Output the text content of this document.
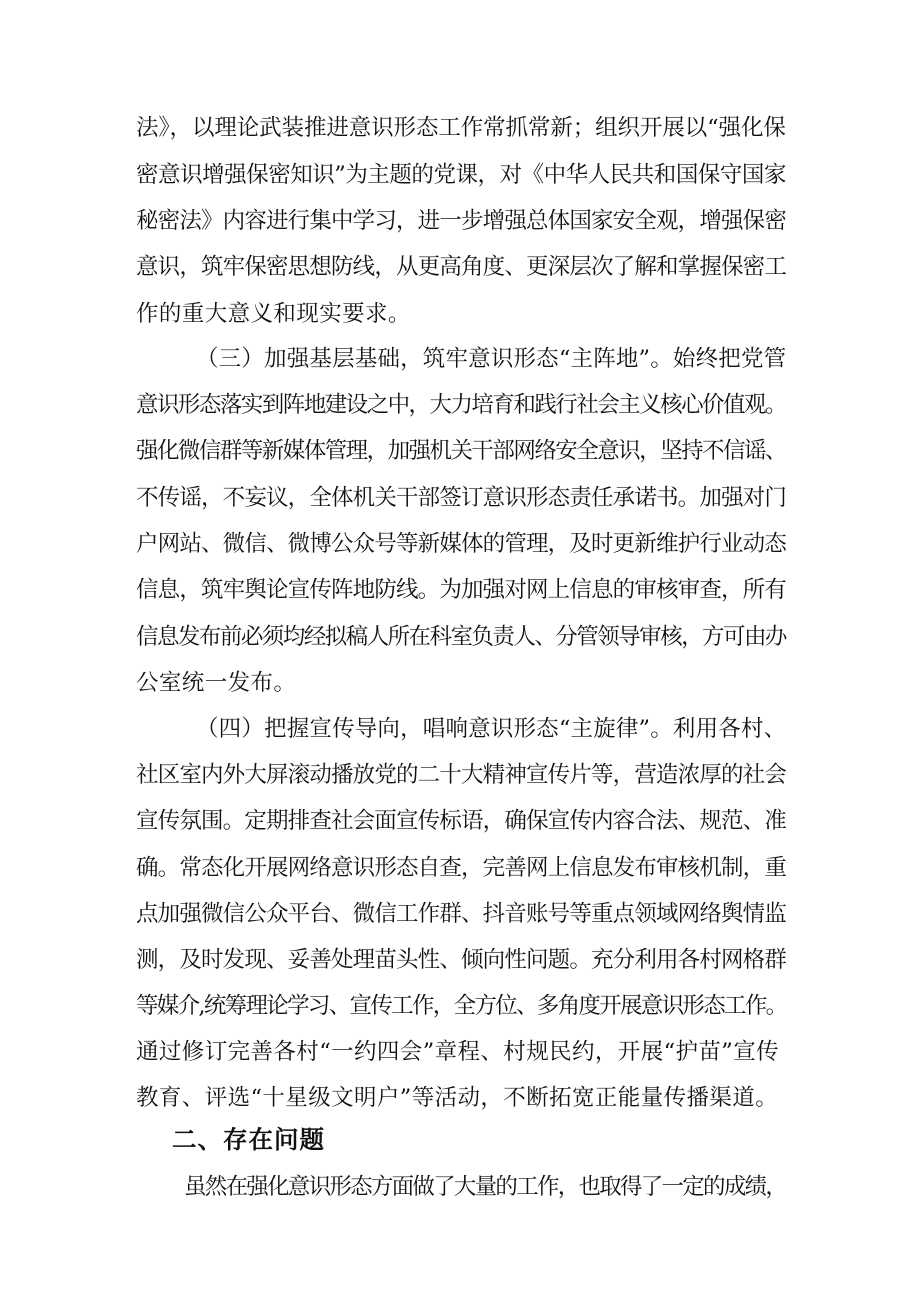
法》，以理论武装推进意识形态工作常抓常新；组织开展以“强化保
密意识增强保密知识”为主题的党课，对《中华人民共和国保守国家
秘密法》内容进行集中学习，进一步增强总体国家安全观，增强保密
意识，筑牢保密思想防线，从更高角度、更深层次了解和掌握保密工
作的重大意义和现实要求。
（三）加强基层基础，筑牢意识形态“主阵地”。始终把党管
意识形态落实到阵地建设之中，大力培育和践行社会主义核心价值观。
强化微信群等新媒体管理，加强机关干部网络安全意识，坚持不信谣、
不传谣，不妄议，全体机关干部签订意识形态责任承诺书。加强对门
户网站、微信、微博公众号等新媒体的管理，及时更新维护行业动态
信息，筑牢舆论宣传阵地防线。为加强对网上信息的审核审查，所有
信息发布前必须均经拟稿人所在科室负责人、分管领导审核，方可由办
公室统一发布。
（四）把握宣传导向，唱响意识形态“主旋律”。利用各村、
社区室内外大屏滚动播放党的二十大精神宣传片等，营造浓厚的社会
宣传氛围。定期排查社会面宣传标语，确保宣传内容合法、规范、准
确。常态化开展网络意识形态自查，完善网上信息发布审核机制，重
点加强微信公众平台、微信工作群、抖音账号等重点领域网络舆情监
测，及时发现、妥善处理苗头性、倾向性问题。充分利用各村网格群
等媒介,统筹理论学习、宣传工作，全方位、多角度开展意识形态工作。
通过修订完善各村“一约四会”章程、村规民约，开展“护苗”宣传
教育、评选“十星级文明户”等活动，不断拓宽正能量传播渠道。
二、存在问题
虽然在强化意识形态方面做了大量的工作，也取得了一定的成绩，
